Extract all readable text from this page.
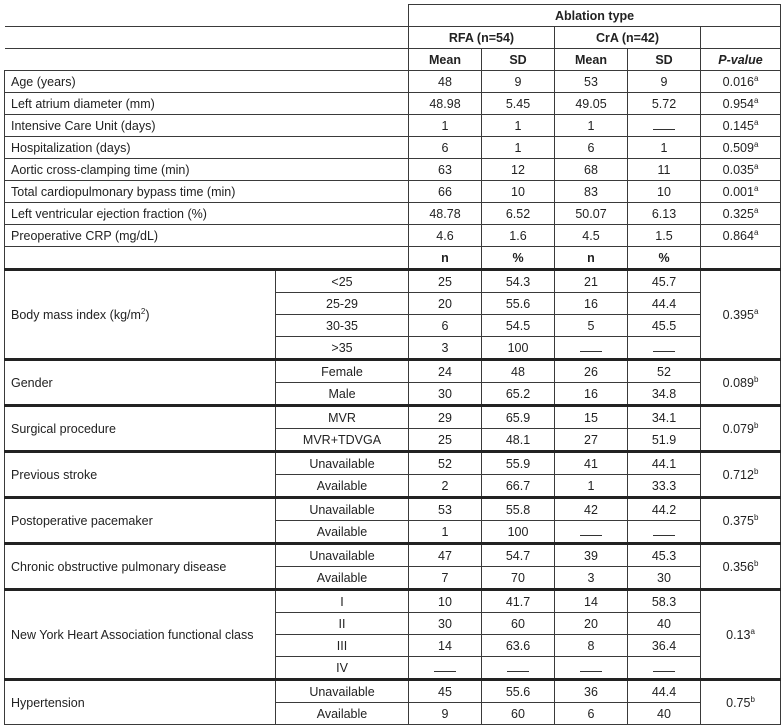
		Ablation type				
		RFA (n=54)		CrA (n=42)		
		Mean	SD	Mean	SD	P-value
Age (years)		48	9	53	9	0.016$^a$
Left atrium diameter (mm)		48.98	5.45	49.05	5.72	0.954$^a$
Intensive Care Unit (days)		1	1	1		0.145$^a$
Hospitalization (days)		6	1	6	1	0.509$^a$
Aortic cross-clamping time (min)		63	12	68	11	0.035$^a$
Total cardiopulmonary bypass time (min)		66	10	83	10	0.001$^a$
Left ventricular ejection fraction (%)		48.78	6.52	50.07	6.13	0.325$^a$
Preoperative CRP (mg/dL)		4.6	1.6	4.5	1.5	0.864$^a$
		n	%	n	%	
Body mass index $(kg/m^2)$	<25	25	54.3	21	45.7	0.395$^a$
	25-29	20	55.6	16	44.4	
	30-35	6	54.5	5	45.5	
	>35	3	100			
Gender	Female	24	48	26	52	0.089$^b$
	Male	30	65.2	16	34.8	
Surgical procedure	MVR	29	65.9	15	34.1	0.079$^b$
	MVR+TDVGA	25	48.1	27	51.9	
Previous stroke	Unavailable	52	55.9	41	44.1	0.712$^b$
	Available	2	66.7	1	33.3	
Postoperative pacemaker	Unavailable	53	55.8	42	44.2	0.375$^b$
	Available	1	100			
Chronic obstructive pulmonary disease	Unavailable	47	54.7	39	45.3	0.356$^b$
	Available	7	70	3	30	
New York Heart Association functional class	I	10	41.7	14	58.3	0.13$^a$
	II	30	60	20	40	
	III	14	63.6	8	36.4	
	IV					
Hypertension	Unavailable	45	55.6	36	44.4	0.75$^b$
	Available	9	60	6	40	
